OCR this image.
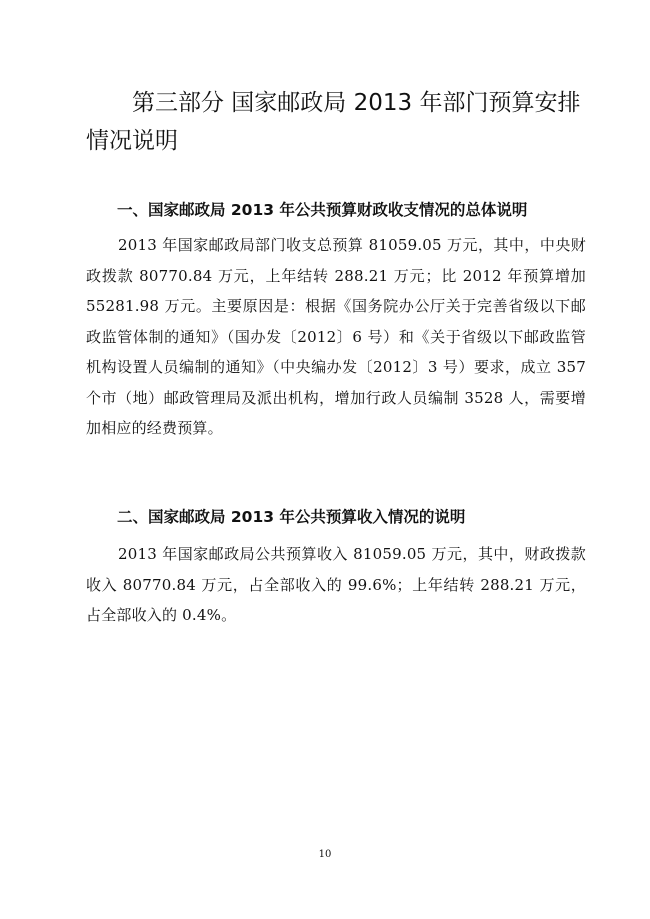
第三部分 国家邮政局 2013 年部门预算安排情况说明
一、国家邮政局 2013 年公共预算财政收支情况的总体说明

2013 年国家邮政局部门收支总预算 81059.05 万元，其中，中央财政拨款 80770.84 万元，上年结转 288.21 万元；比 2012 年预算增加 55281.98 万元。主要原因是：根据《国务院办公厅关于完善省级以下邮政监管体制的通知》（国办发〔2012〕6 号）和《关于省级以下邮政监管机构设置人员编制的通知》（中央编办发〔2012〕3 号）要求，成立 357 个市（地）邮政管理局及派出机构，增加行政人员编制 3528 人，需要增加相应的经费预算。

二、国家邮政局 2013 年公共预算收入情况的说明

2013 年国家邮政局公共预算收入 81059.05 万元，其中，财政拨款收入 80770.84 万元，占全部收入的 99.6%；上年结转 288.21 万元，占全部收入的 0.4%。

10
